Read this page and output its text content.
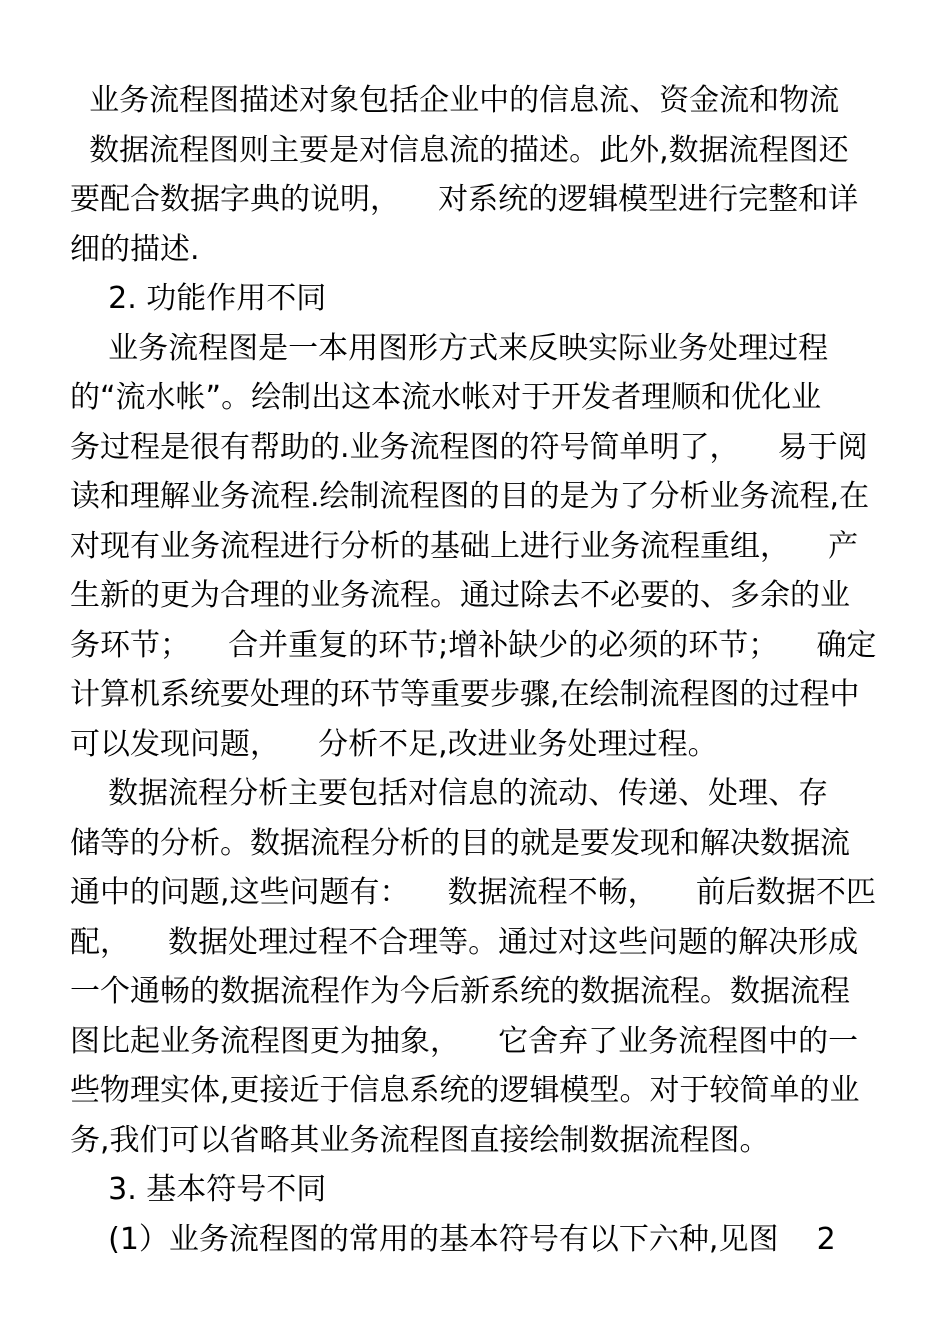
业务流程图描述对象包括企业中的信息流、资金流和物流
数据流程图则主要是对信息流的描述。此外,数据流程图还
要配合数据字典的说明，    对系统的逻辑模型进行完整和详
细的描述.
2. 功能作用不同
业务流程图是一本用图形方式来反映实际业务处理过程
的“流水帐”。绘制出这本流水帐对于开发者理顺和优化业
务过程是很有帮助的.业务流程图的符号简单明了，    易于阅
读和理解业务流程.绘制流程图的目的是为了分析业务流程,在
对现有业务流程进行分析的基础上进行业务流程重组，    产
生新的更为合理的业务流程。通过除去不必要的、多余的业
务环节；    合并重复的环节;增补缺少的必须的环节；    确定
计算机系统要处理的环节等重要步骤,在绘制流程图的过程中
可以发现问题，    分析不足,改进业务处理过程。
数据流程分析主要包括对信息的流动、传递、处理、存
储等的分析。数据流程分析的目的就是要发现和解决数据流
通中的问题,这些问题有：    数据流程不畅，    前后数据不匹
配，    数据处理过程不合理等。通过对这些问题的解决形成
一个通畅的数据流程作为今后新系统的数据流程。数据流程
图比起业务流程图更为抽象，    它舍弃了业务流程图中的一
些物理实体,更接近于信息系统的逻辑模型。对于较简单的业
务,我们可以省略其业务流程图直接绘制数据流程图。
3. 基本符号不同
(1）业务流程图的常用的基本符号有以下六种,见图    2
